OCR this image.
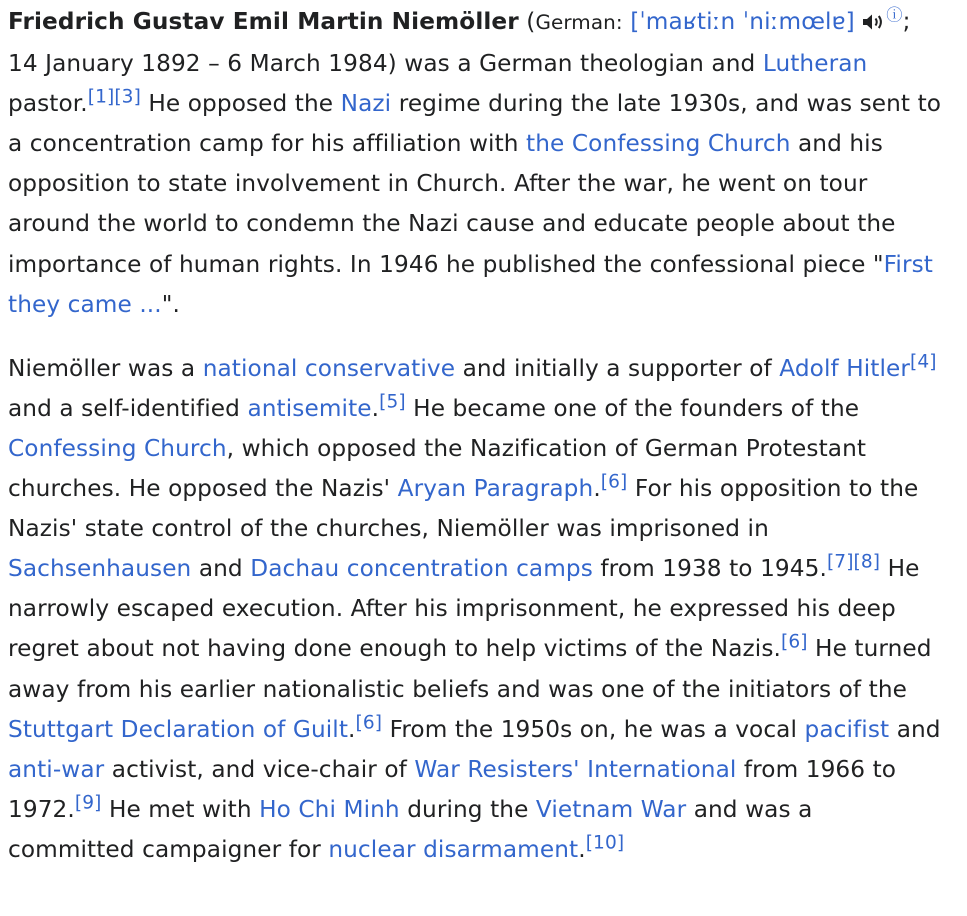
Friedrich Gustav Emil Martin Niemöller (German: [ˈmaʁtiːn ˈniːmœlɐ] ⓘ; 14 January 1892 – 6 March 1984) was a German theologian and Lutheran pastor.[1][3] He opposed the Nazi regime during the late 1930s, and was sent to a concentration camp for his affiliation with the Confessing Church and his opposition to state involvement in Church. After the war, he went on tour around the world to condemn the Nazi cause and educate people about the importance of human rights. In 1946 he published the confessional piece "First they came ...".

Niemöller was a national conservative and initially a supporter of Adolf Hitler[4] and a self-identified antisemite.[5] He became one of the founders of the Confessing Church, which opposed the Nazification of German Protestant churches. He opposed the Nazis' Aryan Paragraph.[6] For his opposition to the Nazis' state control of the churches, Niemöller was imprisoned in Sachsenhausen and Dachau concentration camps from 1938 to 1945.[7][8] He narrowly escaped execution. After his imprisonment, he expressed his deep regret about not having done enough to help victims of the Nazis.[6] He turned away from his earlier nationalistic beliefs and was one of the initiators of the Stuttgart Declaration of Guilt.[6] From the 1950s on, he was a vocal pacifist and anti-war activist, and vice-chair of War Resisters' International from 1966 to 1972.[9] He met with Ho Chi Minh during the Vietnam War and was a committed campaigner for nuclear disarmament.[10]
